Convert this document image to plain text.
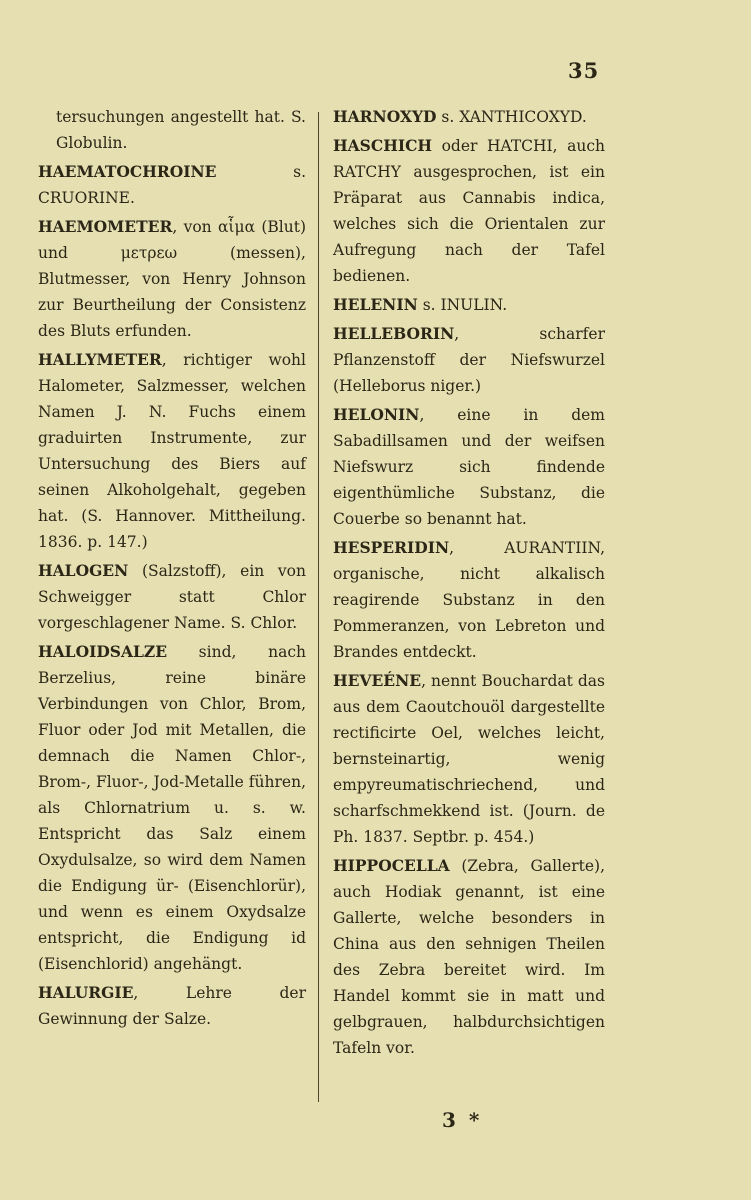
35

tersuchungen angestellt hat. S. Globulin.

HAEMATOCHROINE s. CRUORINE.

HAEMOMETER, von αἷμα (Blut) und μετρεω (messen), Blutmesser, von Henry Johnson zur Beurtheilung der Consistenz des Bluts erfunden.

HALLYMETER, richtiger wohl Halometer, Salzmesser, welchen Namen J. N. Fuchs einem graduirten Instrumente, zur Untersuchung des Biers auf seinen Alkoholgehalt, gegeben hat. (S. Hannover. Mittheilung. 1836. p. 147.)

HALOGEN (Salzstoff), ein von Schweigger statt Chlor vorgeschlagener Name. S. Chlor.

HALOIDSALZE sind, nach Berzelius, reine binäre Verbindungen von Chlor, Brom, Fluor oder Jod mit Metallen, die demnach die Namen Chlor-, Brom-, Fluor-, Jod-Metalle führen, als Chlornatrium u. s. w. Entspricht das Salz einem Oxydulsalze, so wird dem Namen die Endigung ür- (Eisenchlorür), und wenn es einem Oxydsalze entspricht, die Endigung id (Eisenchlorid) angehängt.

HALURGIE, Lehre der Gewinnung der Salze.

HARNOXYD s. XANTHICOXYD.

HASCHICH oder HATCHI, auch RATCHY ausgesprochen, ist ein Präparat aus Cannabis indica, welches sich die Orientalen zur Aufregung nach der Tafel bedienen.

HELENIN s. INULIN.

HELLEBORIN, scharfer Pflanzenstoff der Niefswurzel (Helleborus niger.)

HELONIN, eine in dem Sabadillsamen und der weifsen Niefswurz sich findende eigenthümliche Substanz, die Couerbe so benannt hat.

HESPERIDIN, AURANTIIN, organische, nicht alkalisch reagirende Substanz in den Pommeranzen, von Lebreton und Brandes entdeckt.

HEVEÉNE, nennt Bouchardat das aus dem Caoutchouöl dargestellte rectificirte Oel, welches leicht, bernsteinartig, wenig empyreumatischriechend, und scharfschmekkend ist. (Journ. de Ph. 1837. Septbr. p. 454.)

HIPPOCELLA (Zebra, Gallerte), auch Hodiak genannt, ist eine Gallerte, welche besonders in China aus den sehnigen Theilen des Zebra bereitet wird. Im Handel kommt sie in matt und gelbgrauen, halbdurchsichtigen Tafeln vor.

3 *
